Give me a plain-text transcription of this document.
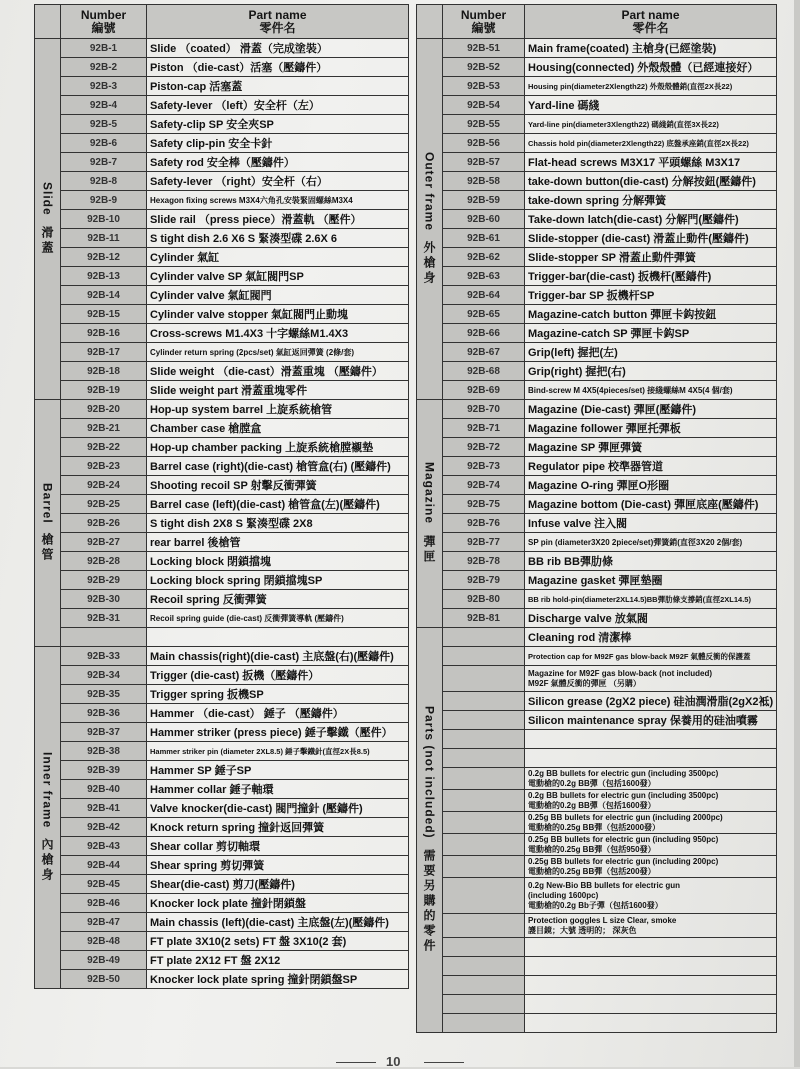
	Number
編號	Part name
零件名

Slide
滑蓋	92B-1	Slide （coated） 滑蓋（完成塗裝）
	92B-2	Piston （die-cast）活塞（壓鑄件）
	92B-3	Piston-cap 活塞蓋
	92B-4	Safety-lever （left）安全杆（左）
	92B-5	Safety-clip SP 安全夾SP
	92B-6	Safety clip-pin 安全卡針
	92B-7	Safety rod 安全棒（壓鑄件）
	92B-8	Safety-lever （right）安全杆（右）
	92B-9	Hexagon fixing screws M3X4六角孔安裝緊固螺絲M3X4
	92B-10	Slide rail （press piece）滑蓋軌 （壓件）
	92B-11	S tight dish 2.6 X6 S 緊湊型碟 2.6X 6
	92B-12	Cylinder 氣缸
	92B-13	Cylinder valve SP 氣缸閥門SP
	92B-14	Cylinder valve 氣缸閥門
	92B-15	Cylinder valve stopper 氣缸閥門止動塊
	92B-16	Cross-screws M1.4X3 十字螺絲M1.4X3
	92B-17	Cylinder return spring (2pcs/set) 氣缸返回彈簧 (2條/套)
	92B-18	Slide weight （die-cast）滑蓋重塊 （壓鑄件）
	92B-19	Slide weight part 滑蓋重塊零件

Barrel
槍管	92B-20	Hop-up system barrel 上旋系統槍管
	92B-21	Chamber case 槍膛盒
	92B-22	Hop-up chamber packing 上旋系統槍膛襯墊
	92B-23	Barrel case (right)(die-cast) 槍管盒(右) (壓鑄件)
	92B-24	Shooting recoil SP 射擊反衝彈簧
	92B-25	Barrel case (left)(die-cast) 槍管盒(左)(壓鑄件)
	92B-26	S tight dish 2X8 S 緊湊型碟 2X8
	92B-27	rear barrel 後槍管
	92B-28	Locking block 閉鎖擋塊
	92B-29	Locking block spring 閉鎖擋塊SP
	92B-30	Recoil spring 反衝彈簧
	92B-31	Recoil spring guide (die-cast) 反衝彈簧導軌 (壓鑄件)

Inner frame
內槍身	92B-33	Main chassis(right)(die-cast) 主底盤(右)(壓鑄件)
	92B-34	Trigger (die-cast) 扳機（壓鑄件）
	92B-35	Trigger spring 扳機SP
	92B-36	Hammer （die-cast） 錘子 （壓鑄件）
	92B-37	Hammer striker (press piece) 錘子擊鐵（壓件）
	92B-38	Hammer striker pin (diameter 2XL8.5) 錘子擊鐵針(直徑2X長8.5)
	92B-39	Hammer SP 錘子SP
	92B-40	Hammer collar 錘子軸環
	92B-41	Valve knocker(die-cast) 閥門撞針 (壓鑄件)
	92B-42	Knock return spring 撞針返回彈簧
	92B-43	Shear collar 剪切軸環
	92B-44	Shear spring 剪切彈簧
	92B-45	Shear(die-cast) 剪刀(壓鑄件)
	92B-46	Knocker lock plate 撞針閉鎖盤
	92B-47	Main chassis (left)(die-cast) 主底盤(左)(壓鑄件)
	92B-48	FT plate 3X10(2 sets) FT 盤 3X10(2 套)
	92B-49	FT plate 2X12 FT 盤 2X12
	92B-50	Knocker lock plate spring 撞針閉鎖盤SP
	Number
編號	Part name
零件名

Outer frame
外槍身	92B-51	Main frame(coated) 主槍身(已經塗裝)
	92B-52	Housing(connected) 外殼殼體（已經連接好）
	92B-53	Housing pin(diameter2Xlength22) 外殼殼體銷(直徑2X長22)
	92B-54	Yard-line 碼綫
	92B-55	Yard-line pin(diameter3Xlength22) 碼綫銷(直徑3X長22)
	92B-56	Chassis hold pin(diameter2Xlength22) 底盤承座銷(直徑2X長22)
	92B-57	Flat-head screws M3X17 平頭螺絲 M3X17
	92B-58	take-down button(die-cast) 分解按鈕(壓鑄件)
	92B-59	take-down spring 分解彈簧
	92B-60	Take-down latch(die-cast) 分解門(壓鑄件)
	92B-61	Slide-stopper (die-cast) 滑蓋止動件(壓鑄件)
	92B-62	Slide-stopper SP 滑蓋止動件彈簧
	92B-63	Trigger-bar(die-cast) 扳機杆(壓鑄件)
	92B-64	Trigger-bar SP 扳機杆SP
	92B-65	Magazine-catch button 彈匣卡鈎按鈕
	92B-66	Magazine-catch SP 彈匣卡鈎SP
	92B-67	Grip(left) 握把(左)
	92B-68	Grip(right) 握把(右)
	92B-69	Bind-screw M 4X5(4pieces/set) 接綫螺絲M 4X5(4 個/套)

Magazine
彈匣	92B-70	Magazine (Die-cast) 彈匣(壓鑄件)
	92B-71	Magazine follower 彈匣托彈板
	92B-72	Magazine SP 彈匣彈簧
	92B-73	Regulator pipe 校準器管道
	92B-74	Magazine O-ring 彈匣O形圈
	92B-75	Magazine bottom (Die-cast) 彈匣底座(壓鑄件)
	92B-76	Infuse valve 注入閥
	92B-77	SP pin (diameter3X20 2piece/set)彈簧銷(直徑3X20 2個/套)
	92B-78	BB rib BB彈肋條
	92B-79	Magazine gasket 彈匣墊圈
	92B-80	BB rib hold-pin(diameter2XL14.5)BB彈肋條支撐銷(直徑2XL14.5)
	92B-81	Discharge valve 放氣閥

Parts (not included)
需要另購的零件		Cleaning rod 清潔棒
		Protection cap for M92F gas blow-back M92F 氣體反衝的保護蓋
		Magazine for M92F gas blow-back (not included)
M92F 氣體反衝的彈匣 （另購）
		Silicon grease (2gX2 piece) 硅油潤滑脂(2gX2袛)
		Silicon maintenance spray 保養用的硅油噴霧

		0.2g BB bullets for electric gun (including 3500pc)
電動槍的0.2g BB彈（包括1600發）
		0.2g BB bullets for electric gun (including 3500pc)
電動槍的0.2g BB彈（包括1600發）
		0.25g BB bullets for electric gun (including 2000pc)
電動槍的0.25g BB彈（包括2000發）
		0.25g BB bullets for electric gun (including 950pc)
電動槍的0.25g BB彈（包括950發）
		0.25g BB bullets for electric gun (including 200pc)
電動槍的0.25g BB彈（包括200發）
		0.2g New-Bio BB bullets for electric gun
(including 1600pc)
電動槍的0.2g Bb子彈（包括1600發）
		Protection goggles L size Clear, smoke
護目鏡；大號 透明的； 深灰色

10
